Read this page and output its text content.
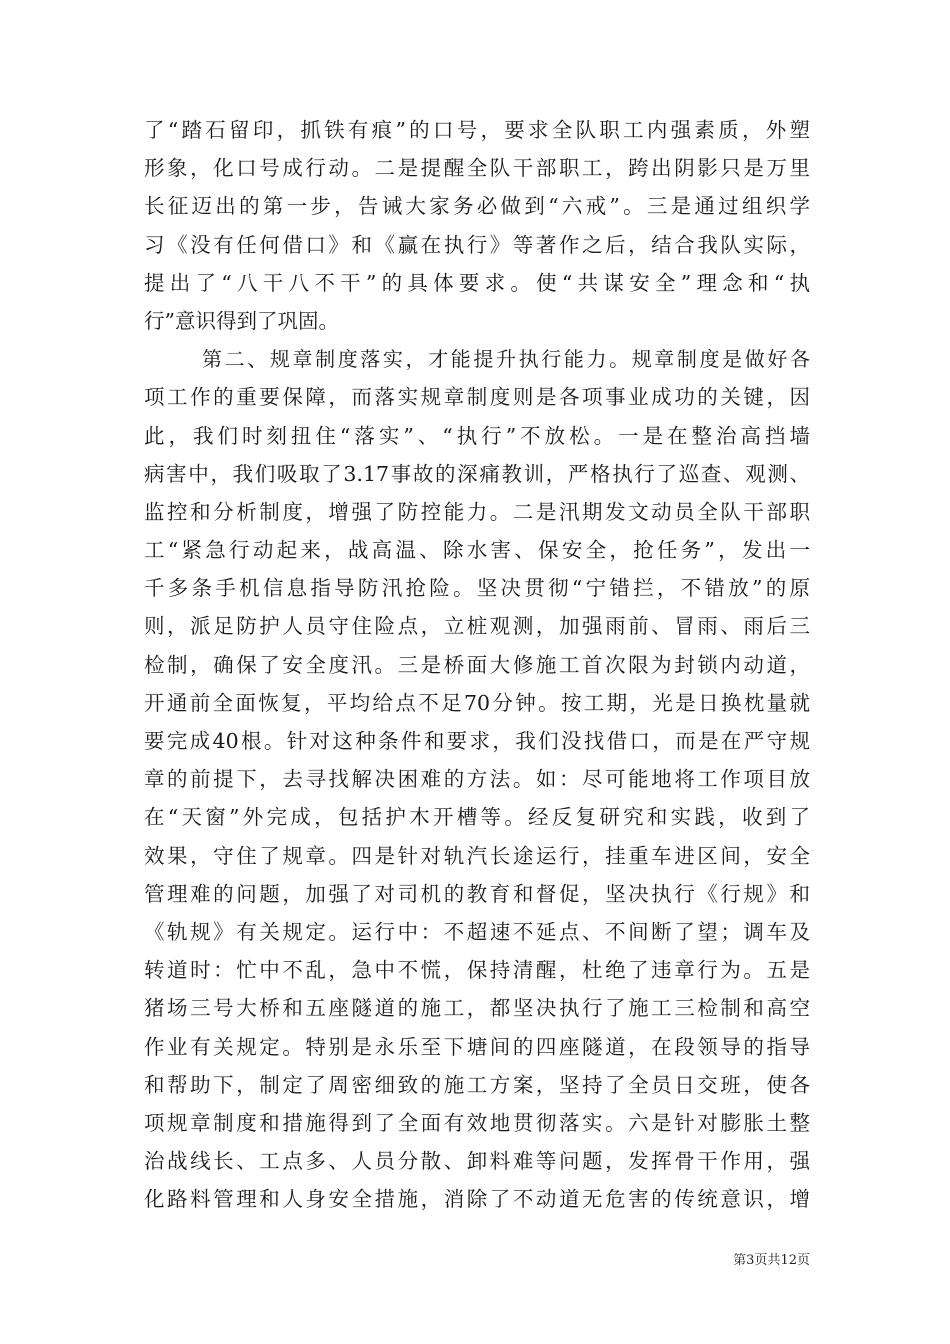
了“踏石留印，抓铁有痕”的口号，要求全队职工内强素质，外塑
形象，化口号成行动。二是提醒全队干部职工，跨出阴影只是万里
长征迈出的第一步，告诫大家务必做到“六戒”。三是通过组织学
习《没有任何借口》和《赢在执行》等著作之后，结合我队实际，
提出了“八干八不干”的具体要求。使“共谋安全”理念和“执
行”意识得到了巩固。
第二、规章制度落实，才能提升执行能力。规章制度是做好各
项工作的重要保障，而落实规章制度则是各项事业成功的关键，因
此，我们时刻扭住“落实”、“执行”不放松。一是在整治高挡墙
病害中，我们吸取了3.17事故的深痛教训，严格执行了巡查、观测、
监控和分析制度，增强了防控能力。二是汛期发文动员全队干部职
工“紧急行动起来，战高温、除水害、保安全，抢任务”，发出一
千多条手机信息指导防汛抢险。坚决贯彻“宁错拦，不错放”的原
则，派足防护人员守住险点，立桩观测，加强雨前、冒雨、雨后三
检制，确保了安全度汛。三是桥面大修施工首次限为封锁内动道，
开通前全面恢复，平均给点不足70分钟。按工期，光是日换枕量就
要完成40根。针对这种条件和要求，我们没找借口，而是在严守规
章的前提下，去寻找解决困难的方法。如：尽可能地将工作项目放
在“天窗”外完成，包括护木开槽等。经反复研究和实践，收到了
效果，守住了规章。四是针对轨汽长途运行，挂重车进区间，安全
管理难的问题，加强了对司机的教育和督促，坚决执行《行规》和
《轨规》有关规定。运行中：不超速不延点、不间断了望；调车及
转道时：忙中不乱，急中不慌，保持清醒，杜绝了违章行为。五是
猪场三号大桥和五座隧道的施工，都坚决执行了施工三检制和高空
作业有关规定。特别是永乐至下塘间的四座隧道，在段领导的指导
和帮助下，制定了周密细致的施工方案，坚持了全员日交班，使各
项规章制度和措施得到了全面有效地贯彻落实。六是针对膨胀土整
治战线长、工点多、人员分散、卸料难等问题，发挥骨干作用，强
化路料管理和人身安全措施，消除了不动道无危害的传统意识，增
第3页共12页
